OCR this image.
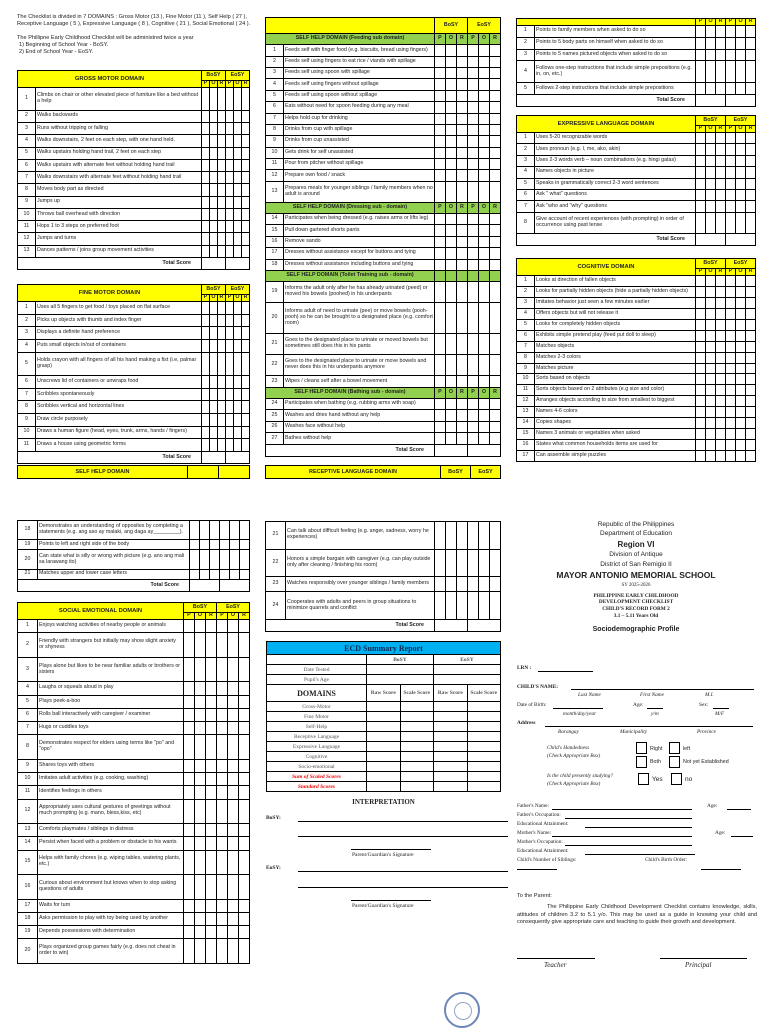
The Checklist is divided in 7 DOMAINS : Gross Motor (13 ), Fine Motor (11 ), Self Help ( 27 ), Receptive Language ( 5 ), Expressive Language ( 8 ), Cognitive ( 21 ), Social Emotional ( 24 ).

The Phillipne Early Childhood Checklist will be administred twice a year
1) Beginning of School Year - BoSY.
2) End of School Year - EoSY.
GROSS MOTOR DOMAIN		BoSY			EoSY		
		P	O	R	P	O	R
1	Climbs on chair or other elevated piece of furniture like a bed without a help						
2	Walks backwards						
3	Runs without tripping or falling						
4	Walks downstairs, 2 feet on each step, with one hand held.						
5	Walks upstairs holding hand trail, 2 feet on each step						
6	Walks upstairs with alternate feet without holding hand trail						
7	Walks downstairs with alternate feet without holding hand trail						
8	Moves body part as directed						
9	Jumps up						
10	Throws ball overhead with direction						
11	Hops 1 to 3 steps on preferred foot						
12	Jumps and turns						
13	Dances patterns / joins group movement activities						
Total Score							
FINE MOTOR DOMAIN		BoSY			EoSY		
		P	O	R	P	O	R
1	Uses all 5 fingers to get food / toys placed on flat surface						
2	Picks up objects with thumb and index finger						
3	Displays a definite hand preference						
4	Puts small objects in/out of containers						
5	Holds crayon with all fingers of all his hand making a fist (i.e, palmar grasp)						
6	Unscrews lid of containers or unwraps food						
7	Scribbles spontaneously						
8	Scribbles vertical and horizontal lines						
9	Draw circle purposely						
10	Draws a human figure (head, eyes, trunk, arms, hands / fingers)						
11	Draws a house using geometric forms						
Total Score							
SELF HELP DOMAIN		
		BoSY			EoSY		
SELF HELP DOMAIN (Feeding sub domain)		P	O	R	P	O	R
1	Feeds self with finger food (e.g. biscuits, bread using fingers)						
2	Feeds self using fingers to eat rice / viands with spillage						
3	Feeds self using spoon with spillage						
4	Feeds self using fingers without spillage						
5	Feeds self using spoon without spillage						
6	Eats without need for spoon feeding during any meal						
7	Helps hold cup for drinking						
8	Drinks from cup with spillage						
9	Drinks from cup unassisted						
10	Gets drink for self unassisted						
11	Pour from pitcher without spillage						
12	Prepare own food / snack						
13	Prepares meals for younger siblings / family members when no adult is around						
SELF HELP DOMAIN (Dressing sub - domain)		P	O	R	P	O	R
14	Participates when being dressed (e.g. raises arms or lifts leg)						
15	Pull down gartered shorts pants						
16	Remove sando						
17	Dresses without assistance except for buttons and tying						
18	Dresses without assistance including buttons and tying						
SELF HELP DOMAIN (Toilet Training sub - domain)							
19	Informs the adult only after he has already urinated (peed) or moved his bowels (poohed) in his underpants						
20	Informs adult of need to urinate (pee) or move bowels (pooh-pooh) so he can be brought to a designated place (e.g. comfort room)						
21	Goes to the designated place to urinate or moved bowels but sometimes still does this in his pants						
22	Goes to the designated place to urinate or move bowels and never does this in his underpants anymore						
23	Wipes / cleans self after a bowel movement						
SELF HELP DOMAIN (Bathing sub - domain)		P	O	R	P	O	R
24	Participates when bathing (e.g. rubbing arms with soap)						
25	Washes and dries hand without any help						
26	Washes face without help						
27	Bathes without help						
Total Score							
RECEPTIVE LANGUAGE DOMAIN	BoSY	EoSY
		P	O	R	P	O	R
1	Points to family members when asked to do so						
2	Points to 5 body parts on himself when asked to do so						
3	Points to 5 names pictured objects when asked to do so						
4	Follows one-step instructions that include simple prepositions (e.g. in, on, etc.)						
5	Follows 2-step instructions that include simple prepositions						
Total Score							
EXPRESSIVE LANGUAGE DOMAIN		BoSY			EoSY		
		P	O	R	P	O	R
1	Uses 5-20 recognizable words						
2	Uses pronoun (e.g. I, me, ako, akin)						
3	Uses 2-3 words verb – noun combinations (e.g. hingi gatas)						
4	Names objects in picture						
5	Speaks in grammatically correct 2-3 word sentences						
6	Ask " what" questions						
7	Ask "who and "why" questions						
8	Give account of recent experiences (with prompting) in order of occurrence using past tense						
Total Score							
COGNITIVE DOMAIN		BoSY			EoSY		
		P	O	R	P	O	R
1	Looks at direction of fallen objects						
2	Looks for partially hidden objects (hide a partially hidden objects)						
3	Imitates behavior just seen a few minutes earlier						
4	Offers objects but will not release it						
5	Looks for completely hidden objects						
6	Exhibits simple pretend play (feed put doll to sleep)						
7	Matches objects						
8	Matches 2-3 colors						
9	Matches picture						
10	Sorts based on objects						
11	Sorts objects based on 2 attributes (e.g size and color)						
12	Arranges objects according to size from smallest to biggest						
13	Names 4-6 colors						
14	Copies shapes						
15	Names 3 animals or vegetables when asked						
16	States what common households items are used for						
17	Can assemble simple puzzles						
18	Demonstrates an understanding of opposites by completing a statements (e.g. ang aso ay malaki, ang daga ay_________).						
19	Points to left and right side of the body						
20	Can state what is silly or wrong with picture (e.g. ano ang mali sa larawang ito)						
21	Matches upper and lower case letters						
Total Score							
SOCIAL EMOTIONAL DOMAIN		BoSY			EoSY		
		P	O	R	P	O	R
1	Enjoys watching activities of nearby people or animals						
2	Friendly with strangers but initially may show slight anxiety or shyness						
3	Plays alone but likes to be near familiar adults or brothers or sisters						
4	Laughs or squeals aloud in play						
5	Plays peek-a-boo						
6	Rolls ball interactively with caregiver / examiner						
7	Hugs or cuddles toys						
8	Demonstrates respect for elders using terms like "po" and "opo"						
9	Shares toys with others						
10	Imitates adult activities (e.g. cooking, washing)						
11	Identifies feelings in others						
12	Appropriately uses cultural gestures of greetings without much prompting (e.g. mano, bless,kiss, etc)						
13	Comforts playmates / siblings in distress						
14	Persist when faced with a problem or obstacle to his wants						
15	Helps with family chores (e.g. wiping tables, watering plants, etc.)						
16	Curious about environment but knows when to stop asking questions of adults						
17	Waits for turn						
18	Asks permission to play with toy being used by another						
19	Depends possessions with determination						
20	Plays organized group games fairly (e.g. does not cheat in order to win)						
21	Can talk about difficult feeling (e.g. anger, sadness, worry he experiences)						
22	Honors a simple bargain with caregiver (e.g. can play outside only after cleaning / finishing his room)						
23	Watches responsibly over younger siblings / family members						
24	Cooperates with adults and peers in group situations to minimize quarrels and conflict						
Total Score							
ECD Summary Report				
	BoSY		EoSY	
Date Tested				
Pupil's Age				
DOMAINS	Raw Score	Scale Score	Raw Score	Scale Score
Gross-Motor				
Fine Motor				
Self-Help				
Receptive Language				
Expressive Language				
Cognitive				
Socio-emotional				
Sum of Scaled Scores				
Standard Scores				
INTERPRETATION
BoSY:
Parent/Guardian's Signature
EoSY:
Parent/Guardian's Signature
Republic of the Philippines
Department of Education
Region VI
Division of Antique
District of San Remigio II
MAYOR ANTONIO MEMORIAL SCHOOL
SY 2025-2026
PHILIPPINE EARLY CHILDHOOD
DEVELOPMENT CHECKLIST
CHILD'S RECORD FORM 2
3.1 – 5.11 Years Old
Sociodemographic Profile
LRN :
CHILD'S NAME:
Last Name	First Name	M.I.
Date of Birth:
month/day/year
Age:
y/m
Sex:
M/F
Address
Barangay	Municipality	Province
Child's Handedness
(Check Appropriate Box)
Right	left
Both	Not yet Established
Is the child presently studying?
(Check Appropriate Box)
Yes	no
Father's Name:	Age:
Father's Occupation:
Educational Attainment:
Mother's Name:	Age:
Mother's Occupation:
Educational Attainment:
Child's Number of Siblings:	Child's Birth Order:
To the Parent:
The Philippine Early Childhood Development Checklist contains knowledge, skills, attitudes of children 3.2 to 5.1 y/o. This may be used as a guide in knowing your child and consequently give appropriate care and teaching to guide their growth and development.
Teacher	Principal
